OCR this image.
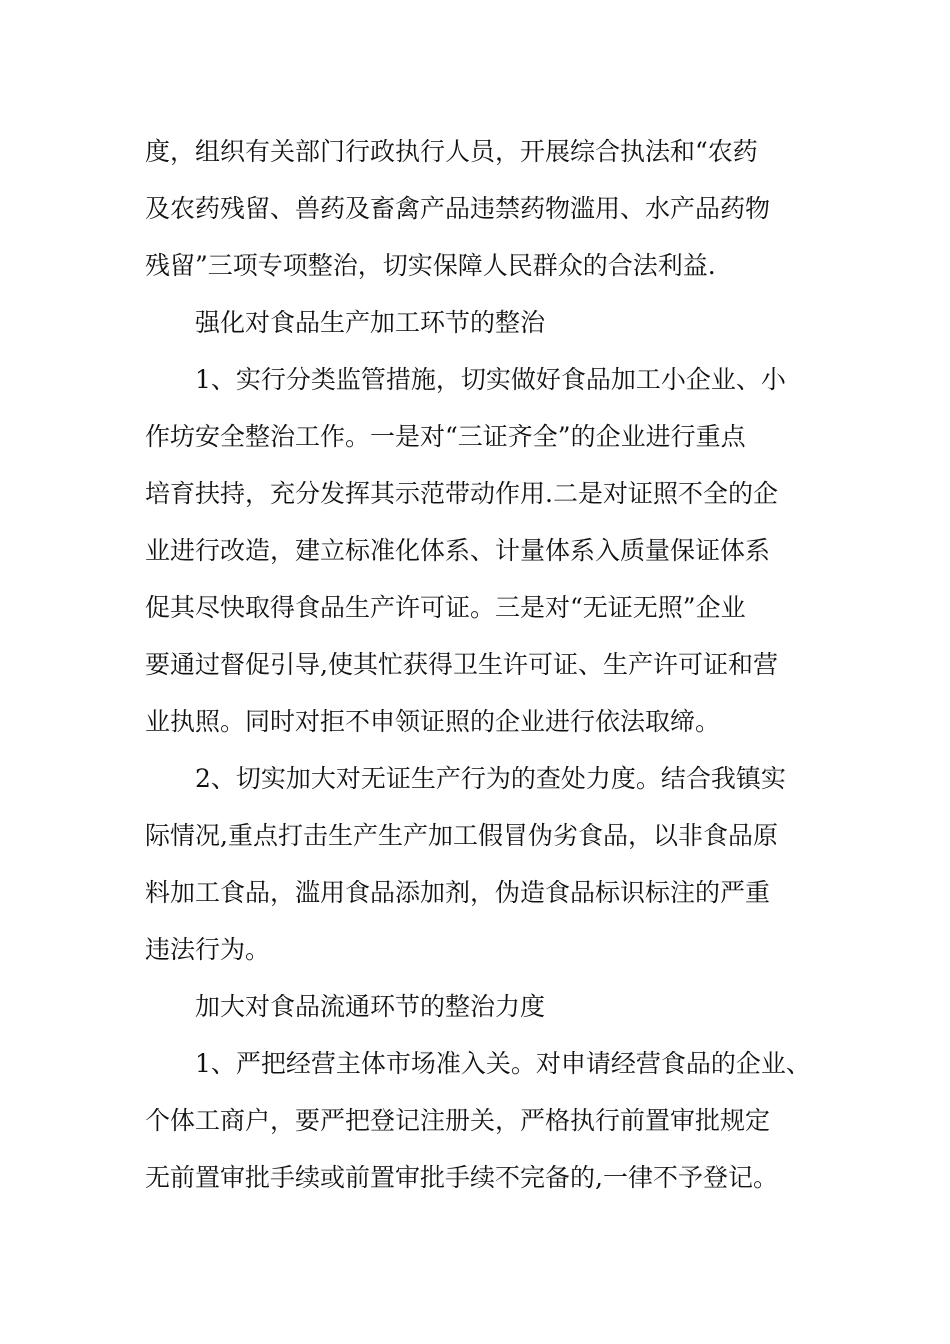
度，组织有关部门行政执行人员，开展综合执法和“农药
及农药残留、兽药及畜禽产品违禁药物滥用、水产品药物
残留”三项专项整治，切实保障人民群众的合法利益.
强化对食品生产加工环节的整治
1、实行分类监管措施，切实做好食品加工小企业、小
作坊安全整治工作。一是对“三证齐全”的企业进行重点
培育扶持，充分发挥其示范带动作用.二是对证照不全的企
业进行改造，建立标准化体系、计量体系入质量保证体系
促其尽快取得食品生产许可证。三是对“无证无照”企业
要通过督促引导,使其忙获得卫生许可证、生产许可证和营
业执照。同时对拒不申领证照的企业进行依法取缔。
2、切实加大对无证生产行为的查处力度。结合我镇实
际情况,重点打击生产生产加工假冒伪劣食品，以非食品原
料加工食品，滥用食品添加剂，伪造食品标识标注的严重
违法行为。
加大对食品流通环节的整治力度
1、严把经营主体市场准入关。对申请经营食品的企业、
个体工商户，要严把登记注册关，严格执行前置审批规定
无前置审批手续或前置审批手续不完备的,一律不予登记。
